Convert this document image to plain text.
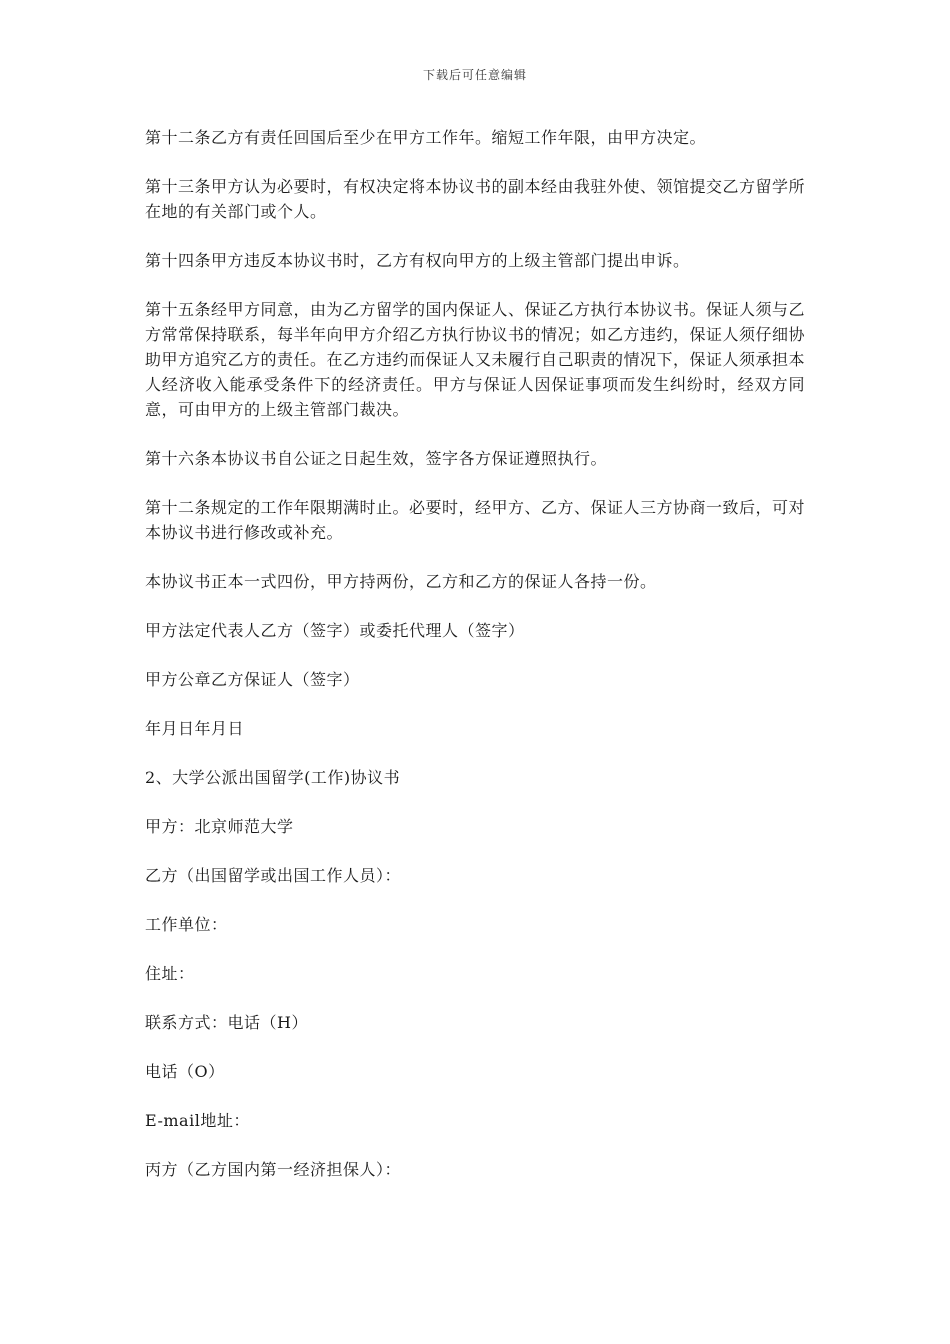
下载后可任意编辑

第十二条乙方有责任回国后至少在甲方工作年。缩短工作年限，由甲方决定。

第十三条甲方认为必要时，有权决定将本协议书的副本经由我驻外使、领馆提交乙方留学所在地的有关部门或个人。

第十四条甲方违反本协议书时，乙方有权向甲方的上级主管部门提出申诉。

第十五条经甲方同意，由为乙方留学的国内保证人、保证乙方执行本协议书。保证人须与乙方常常保持联系，每半年向甲方介绍乙方执行协议书的情况；如乙方违约，保证人须仔细协助甲方追究乙方的责任。在乙方违约而保证人又未履行自己职责的情况下，保证人须承担本人经济收入能承受条件下的经济责任。甲方与保证人因保证事项而发生纠纷时，经双方同意，可由甲方的上级主管部门裁决。

第十六条本协议书自公证之日起生效，签字各方保证遵照执行。

第十二条规定的工作年限期满时止。必要时，经甲方、乙方、保证人三方协商一致后，可对本协议书进行修改或补充。

本协议书正本一式四份，甲方持两份，乙方和乙方的保证人各持一份。

甲方法定代表人乙方（签字）或委托代理人（签字）

甲方公章乙方保证人（签字）

年月日年月日

2、大学公派出国留学(工作)协议书

甲方：北京师范大学

乙方（出国留学或出国工作人员）：

工作单位：

住址：

联系方式：电话（H）

电话（O）

E-mail地址：

丙方（乙方国内第一经济担保人）：
